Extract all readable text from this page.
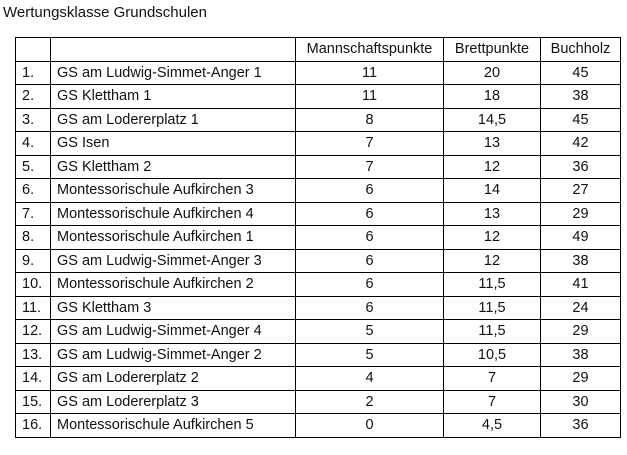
Wertungsklasse Grundschulen
		Mannschaftspunkte	Brettpunkte	Buchholz
1.	GS am Ludwig-Simmet-Anger 1	11	20	45
2.	GS Klettham 1	11	18	38
3.	GS am Lodererplatz 1	8	14,5	45
4.	GS Isen	7	13	42
5.	GS Klettham 2	7	12	36
6.	Montessorischule Aufkirchen 3	6	14	27
7.	Montessorischule Aufkirchen 4	6	13	29
8.	Montessorischule Aufkirchen 1	6	12	49
9.	GS am Ludwig-Simmet-Anger 3	6	12	38
10.	Montessorischule Aufkirchen 2	6	11,5	41
11.	GS Klettham 3	6	11,5	24
12.	GS am Ludwig-Simmet-Anger 4	5	11,5	29
13.	GS am Ludwig-Simmet-Anger 2	5	10,5	38
14.	GS am Lodererplatz 2	4	7	29
15.	GS am Lodererplatz 3	2	7	30
16.	Montessorischule Aufkirchen 5	0	4,5	36
